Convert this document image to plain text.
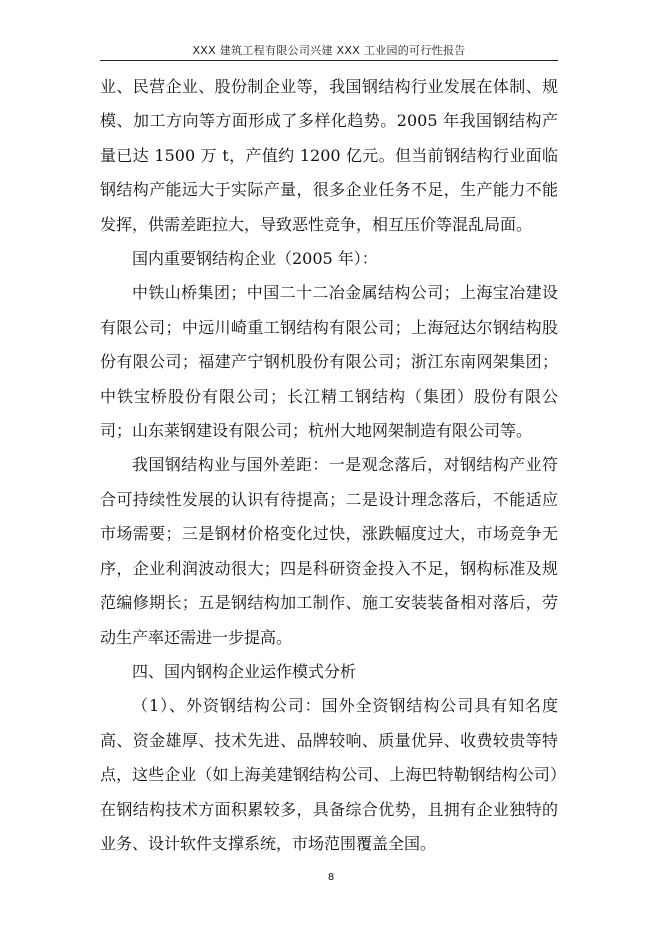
XXX 建筑工程有限公司兴建 XXX 工业园的可行性报告

业、民营企业、股份制企业等，我国钢结构行业发展在体制、规模、加工方向等方面形成了多样化趋势。2005 年我国钢结构产量已达 1500 万 t，产值约 1200 亿元。但当前钢结构行业面临钢结构产能远大于实际产量，很多企业任务不足，生产能力不能发挥，供需差距拉大，导致恶性竞争，相互压价等混乱局面。

国内重要钢结构企业（2005 年）：

中铁山桥集团；中国二十二冶金属结构公司；上海宝冶建设有限公司；中远川崎重工钢结构有限公司；上海冠达尔钢结构股份有限公司；福建产宁钢机股份有限公司；浙江东南网架集团；中铁宝桥股份有限公司；长江精工钢结构（集团）股份有限公司；山东莱钢建设有限公司；杭州大地网架制造有限公司等。

我国钢结构业与国外差距：一是观念落后，对钢结构产业符合可持续性发展的认识有待提高；二是设计理念落后，不能适应市场需要；三是钢材价格变化过快，涨跌幅度过大，市场竞争无序，企业利润波动很大；四是科研资金投入不足，钢构标准及规范编修期长；五是钢结构加工制作、施工安装装备相对落后，劳动生产率还需进一步提高。

四、国内钢构企业运作模式分析

（1）、外资钢结构公司：国外全资钢结构公司具有知名度高、资金雄厚、技术先进、品牌较响、质量优异、收费较贵等特点，这些企业（如上海美建钢结构公司、上海巴特勒钢结构公司）在钢结构技术方面积累较多，具备综合优势，且拥有企业独特的业务、设计软件支撑系统，市场范围覆盖全国。

8
